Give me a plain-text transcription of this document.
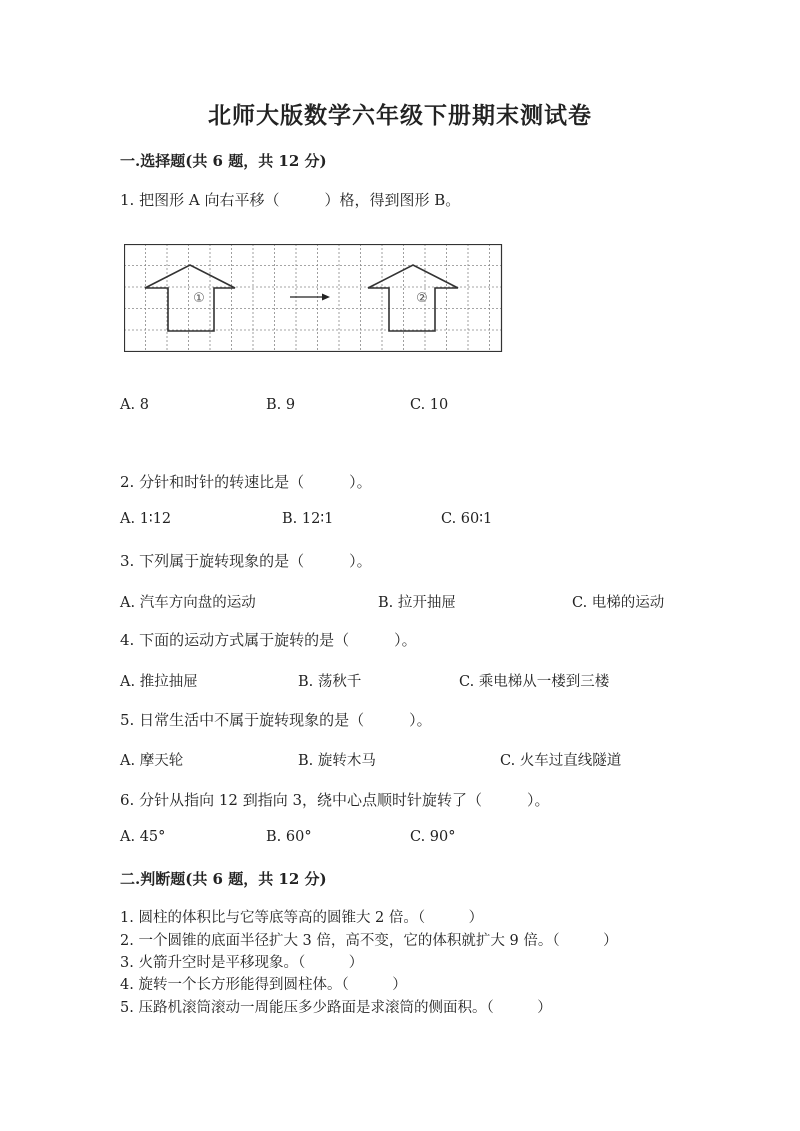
北师大版数学六年级下册期末测试卷
一.选择题(共 6 题，共 12 分)
1. 把图形 A 向右平移（　　　）格，得到图形 B。
①	②
A. 8	B. 9	C. 10
2. 分针和时针的转速比是（　　　）。
A. 1∶12	B. 12∶1	C. 60∶1
3. 下列属于旋转现象的是（　　　）。
A. 汽车方向盘的运动	B. 拉开抽屉	C. 电梯的运动
4. 下面的运动方式属于旋转的是（　　　）。
A. 推拉抽屉	B. 荡秋千	C. 乘电梯从一楼到三楼
5. 日常生活中不属于旋转现象的是（　　　）。
A. 摩天轮	B. 旋转木马	C. 火车过直线隧道
6. 分针从指向 12 到指向 3，绕中心点顺时针旋转了（　　　）。
A. 45°	B. 60°	C. 90°
二.判断题(共 6 题，共 12 分)
1. 圆柱的体积比与它等底等高的圆锥大 2 倍。（　　　）
2. 一个圆锥的底面半径扩大 3 倍，高不变，它的体积就扩大 9 倍。（　　　）
3. 火箭升空时是平移现象。（　　　）
4. 旋转一个长方形能得到圆柱体。（　　　）
5. 压路机滚筒滚动一周能压多少路面是求滚筒的侧面积。（　　　）
